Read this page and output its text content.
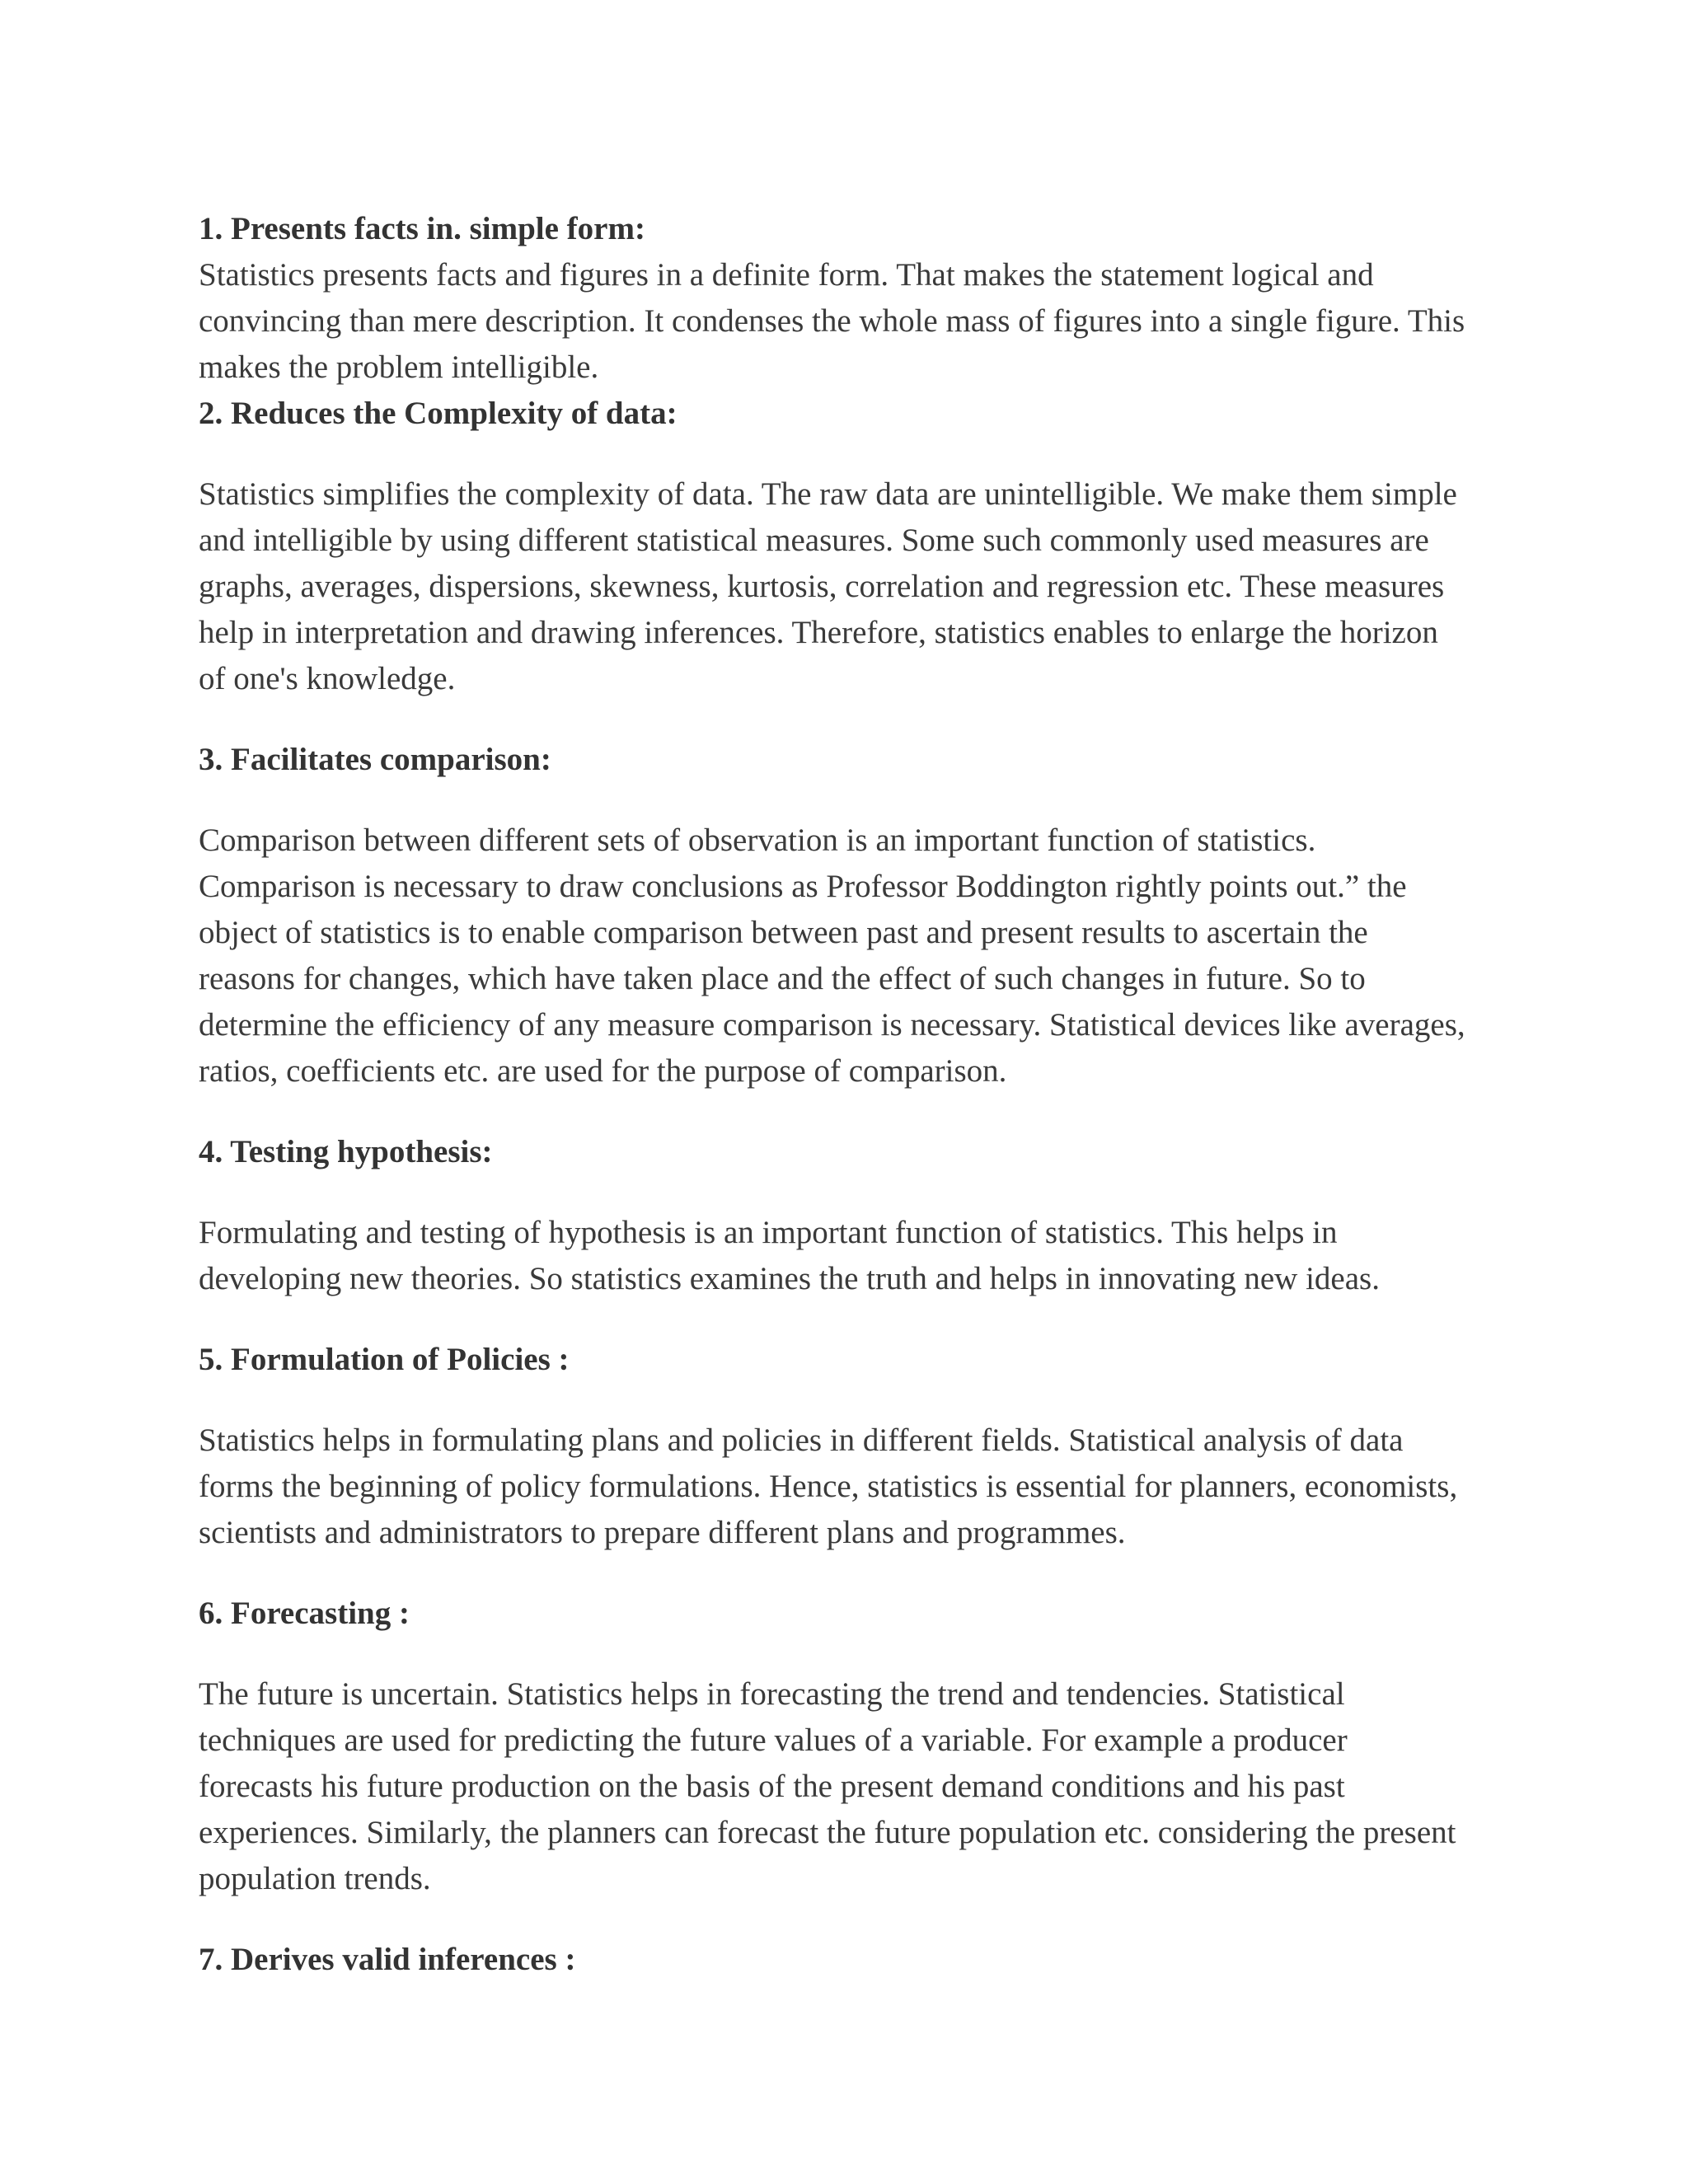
1. Presents facts in. simple form:

Statistics presents facts and figures in a definite form. That makes the statement logical and convincing than mere description. It condenses the whole mass of figures into a single figure. This makes the problem intelligible.

2. Reduces the Complexity of data:

Statistics simplifies the complexity of data. The raw data are unintelligible. We make them simple and intelligible by using different statistical measures. Some such commonly used measures are graphs, averages, dispersions, skewness, kurtosis, correlation and regression etc. These measures help in interpretation and drawing inferences. Therefore, statistics enables to enlarge the horizon of one's knowledge.

3. Facilitates comparison:

Comparison between different sets of observation is an important function of statistics. Comparison is necessary to draw conclusions as Professor Boddington rightly points out.” the object of statistics is to enable comparison between past and present results to ascertain the reasons for changes, which have taken place and the effect of such changes in future. So to determine the efficiency of any measure comparison is necessary. Statistical devices like averages, ratios, coefficients etc. are used for the purpose of comparison.

4. Testing hypothesis:

Formulating and testing of hypothesis is an important function of statistics. This helps in developing new theories. So statistics examines the truth and helps in innovating new ideas.

5. Formulation of Policies :

Statistics helps in formulating plans and policies in different fields. Statistical analysis of data forms the beginning of policy formulations. Hence, statistics is essential for planners, economists, scientists and administrators to prepare different plans and programmes.

6. Forecasting :

The future is uncertain. Statistics helps in forecasting the trend and tendencies. Statistical techniques are used for predicting the future values of a variable. For example a producer forecasts his future production on the basis of the present demand conditions and his past experiences. Similarly, the planners can forecast the future population etc. considering the present population trends.

7. Derives valid inferences :
